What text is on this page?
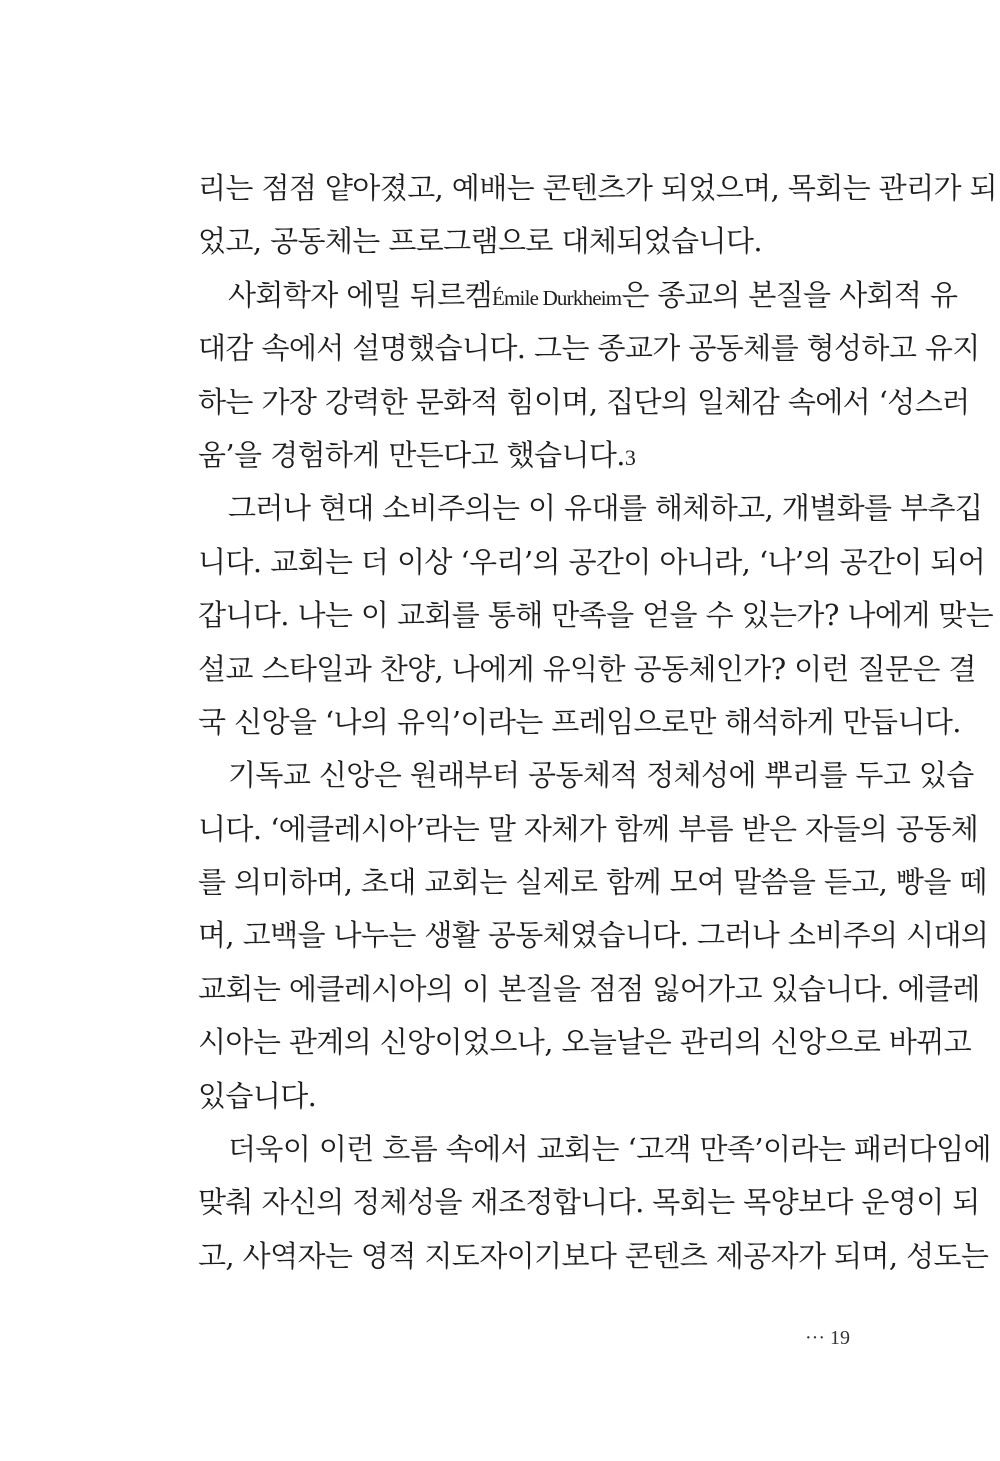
리는 점점 얕아졌고, 예배는 콘텐츠가 되었으며, 목회는 관리가 되
었고, 공동체는 프로그램으로 대체되었습니다.

사회학자 에밀 뒤르켐Émile Durkheim은 종교의 본질을 사회적 유
대감 속에서 설명했습니다. 그는 종교가 공동체를 형성하고 유지
하는 가장 강력한 문화적 힘이며, 집단의 일체감 속에서 ‘성스러
움’을 경험하게 만든다고 했습니다.3

그러나 현대 소비주의는 이 유대를 해체하고, 개별화를 부추깁
니다. 교회는 더 이상 ‘우리’의 공간이 아니라, ‘나’의 공간이 되어
갑니다. 나는 이 교회를 통해 만족을 얻을 수 있는가? 나에게 맞는
설교 스타일과 찬양, 나에게 유익한 공동체인가? 이런 질문은 결
국 신앙을 ‘나의 유익’이라는 프레임으로만 해석하게 만듭니다.

기독교 신앙은 원래부터 공동체적 정체성에 뿌리를 두고 있습
니다. ‘에클레시아’라는 말 자체가 함께 부름 받은 자들의 공동체
를 의미하며, 초대 교회는 실제로 함께 모여 말씀을 듣고, 빵을 떼
며, 고백을 나누는 생활 공동체였습니다. 그러나 소비주의 시대의
교회는 에클레시아의 이 본질을 점점 잃어가고 있습니다. 에클레
시아는 관계의 신앙이었으나, 오늘날은 관리의 신앙으로 바뀌고
있습니다.

더욱이 이런 흐름 속에서 교회는 ‘고객 만족’이라는 패러다임에
맞춰 자신의 정체성을 재조정합니다. 목회는 목양보다 운영이 되
고, 사역자는 영적 지도자이기보다 콘텐츠 제공자가 되며, 성도는

··· 19
